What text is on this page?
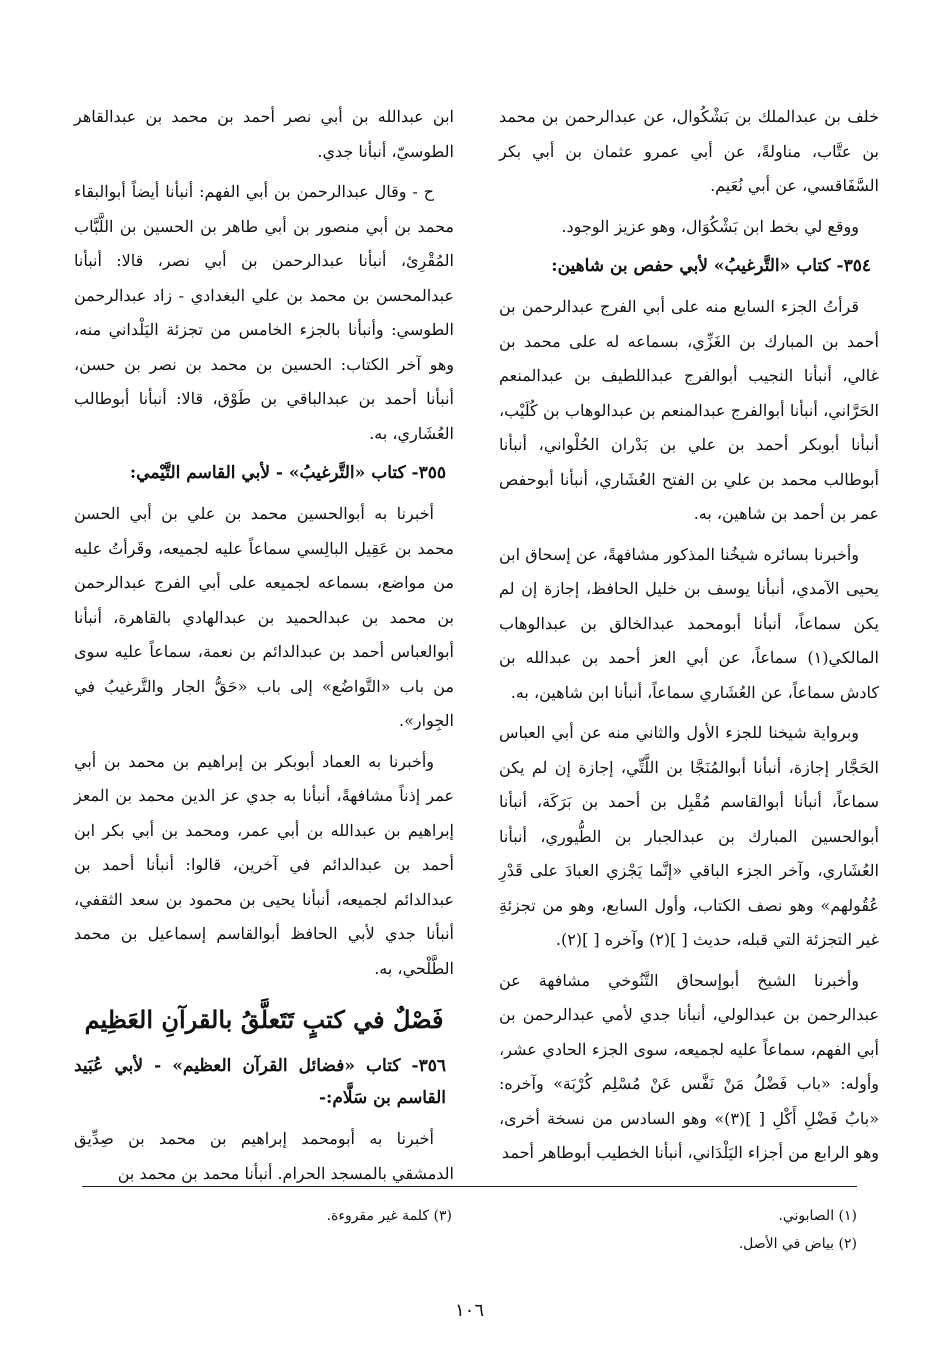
خلف بن عبدالملك بن بَشْكُوال، عن عبدالرحمن بن محمد بن عتَّاب، مناولةً، عن أبي عمرو عثمان بن أبي بكر السَّفَاقسي، عن أبي نُعَيم.

ووقع لي بخط ابن بَشْكُوَال، وهو عزيز الوجود.

٣٥٤- كتاب «التَّرغيبُ» لأبي حفص بن شاهين:

قرأتُ الجزء السابع منه على أبي الفرج عبدالرحمن بن أحمد بن المبارك بن الغَزِّي، بسماعه له على محمد بن غالي، أنبأنا النجيب أبوالفرج عبداللطيف بن عبدالمنعم الحَرَّاني، أنبأنا أبوالفرج عبدالمنعم بن عبدالوهاب بن كُلَيْب، أنبأنا أبوبكر أحمد بن علي بن بَدْران الحُلْواني، أنبأنا أبوطالب محمد بن علي بن الفتح العُشَاري، أنبأنا أبوحفص عمر بن أحمد بن شاهين، به.

وأخبرنا بسائره شيخُنا المذكور مشافهةً، عن إسحاق ابن يحيى الآمدي، أنبأنا يوسف بن خليل الحافظ، إجازة إن لم يكن سماعاً، أنبأنا أبومحمد عبدالخالق بن عبدالوهاب المالكي(١) سماعاً، عن أبي العز أحمد بن عبدالله بن كادش سماعاً، عن العُشَاري سماعاً، أنبأنا ابن شاهين، به.

وبرواية شيخنا للجزء الأول والثاني منه عن أبي العباس الحَجَّار إجازة، أنبأنا أبوالمُنَجَّا بن اللَّتِّي، إجازة إن لم يكن سماعاً، أنبأنا أبوالقاسم مُقْبِل بن أحمد بن بَرَكَة، أنبأنا أبوالحسين المبارك بن عبدالجبار بن الطُّيوري، أنبأنا العُشَاري، وآخر الجزء الباقي «إنَّما يَجْزي العبادَ على قَدْرِ عُقُولهم» وهو نصف الكتاب، وأول السابع، وهو من تجزئةِ غير التجزئة التي قبله، حديث [ ](٢) وآخره [ ](٢).

وأخبرنا الشيخ أبوإسحاق التَّنُوخي مشافهة عن عبدالرحمن بن عبدالولي، أنبأنا جدي لأمي عبدالرحمن بن أبي الفهم، سماعاً عليه لجميعه، سوى الجزء الحادي عشر، وأوله: «باب فَضْلُ مَنْ نَفَّس عَنْ مُسْلِم كُرْبَة» وآخره: «بابُ فَضْلِ أَكْلِ [ ](٣)» وهو السادس من نسخة أخرى، وهو الرابع من أجزاء اليَلْدَاني، أنبأنا الخطيب أبوطاهر أحمد

ابن عبدالله بن أبي نصر أحمد بن محمد بن عبدالقاهر الطوسيّ، أنبأنا جدي.

ح - وقال عبدالرحمن بن أبي الفهم: أنبأنا أيضاً أبوالبقاء محمد بن أبي منصور بن أبي طاهر بن الحسين بن اللَّبَّاب المُقْرِئ، أنبأنا عبدالرحمن بن أبي نصر، قالا: أنبأنا عبدالمحسن بن محمد بن علي البغدادي - زاد عبدالرحمن الطوسي: وأنبأنا بالجزء الخامس من تجزئة اليَلْداني منه، وهو آخر الكتاب: الحسين بن محمد بن نصر بن حسن، أنبأنا أحمد بن عبدالباقي بن طَوْق، قالا: أنبأنا أبوطالب العُشَاري، به.

٣٥٥- كتاب «التَّرغيبُ» - لأبي القاسم التَّيْمي:

أخبرنا به أبوالحسين محمد بن علي بن أبي الحسن محمد بن عَقِيل البالِسي سماعاً عليه لجميعه، وقَرأتُ عليه من مواضع، بسماعه لجميعه على أبي الفرج عبدالرحمن بن محمد بن عبدالحميد بن عبدالهادي بالقاهرة، أنبأنا أبوالعباس أحمد بن عبدالدائم بن نعمة، سماعاً عليه سوى من باب «التَّواضُع» إلى باب «حَقُّ الجار والتَّرغيبُ في الجِوار».

وأخبرنا به العماد أبوبكر بن إبراهيم بن محمد بن أبي عمر إذناً مشافهةً، أنبأنا به جدي عز الدين محمد بن المعز إبراهيم بن عبدالله بن أبي عمر، ومحمد بن أبي بكر ابن أحمد بن عبدالدائم في آخرين، قالوا: أنبأنا أحمد بن عبدالدائم لجميعه، أنبأنا يحيى بن محمود بن سعد الثقفي، أنبأنا جدي لأبي الحافظ أبوالقاسم إسماعيل بن محمد الطَّلْحي، به.

فَصْلٌ في كتبٍ تَتَعلَّقُ بالقرآنِ العَظِيم
٣٥٦- كتاب «فضائل القرآن العظيم» - لأبي عُبَيد القاسم بن سَلَّام:-

أخبرنا به أبومحمد إبراهيم بن محمد بن صِدِّيق الدمشقي بالمسجد الحرام. أنبأنا محمد بن محمد بن

(١) الصابوني.

(٢) بياض في الأصل.

(٣) كلمة غير مقروءة.

١٠٦
